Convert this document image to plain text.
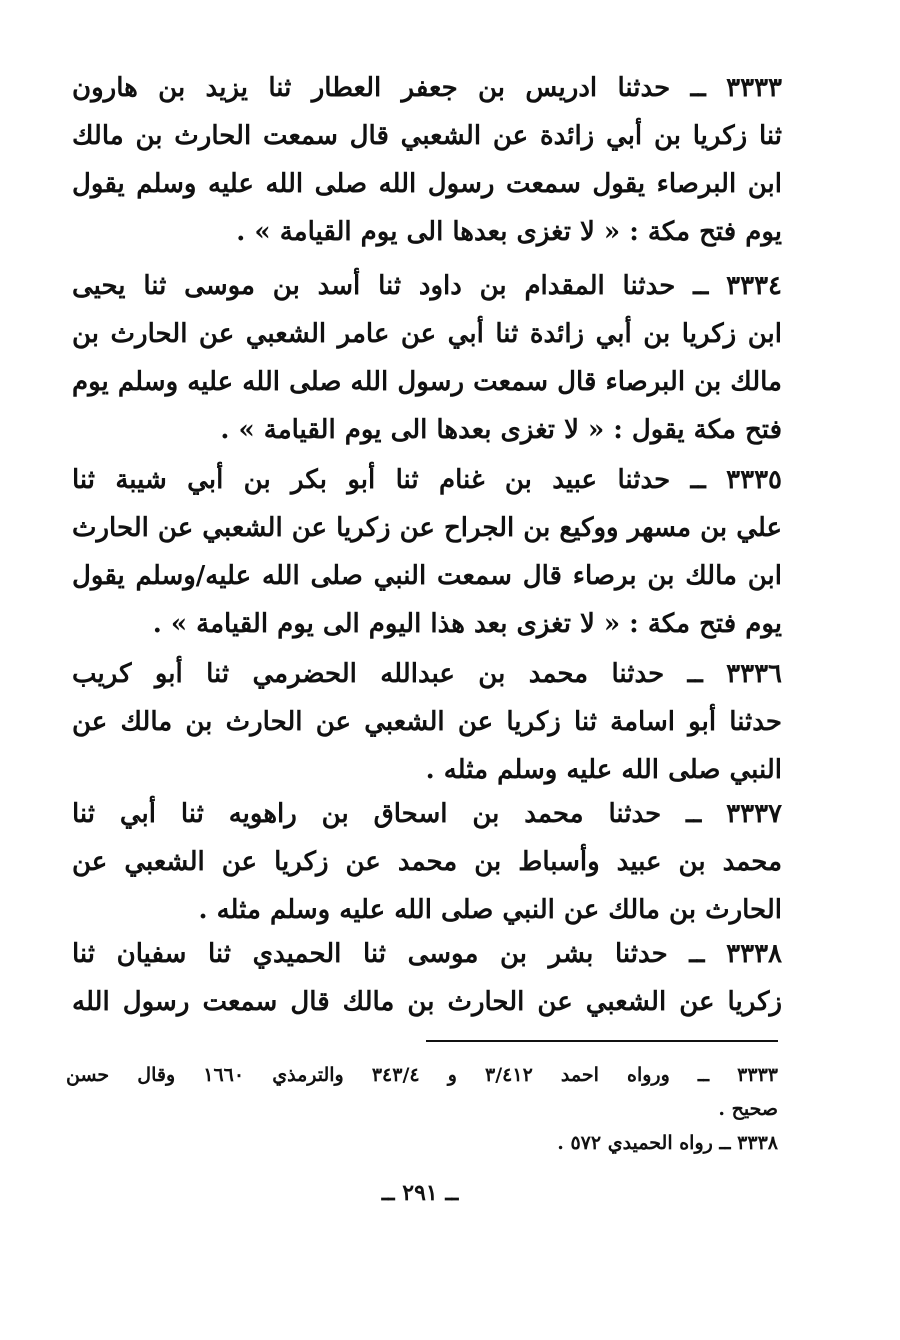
٣٣٣٣ ــ حدثنا ادريس بن جعفر العطار ثنا يزيد بن هارون
ثنا زكريا بن أبي زائدة عن الشعبي قال سمعت الحارث بن مالك
ابن البرصاء يقول سمعت رسول الله صلى الله عليه وسلم يقول
يوم فتح مكة : « لا تغزى بعدها الى يوم القيامة » .
٣٣٣٤ ــ حدثنا المقدام بن داود ثنا أسد بن موسى ثنا يحيى
ابن زكريا بن أبي زائدة ثنا أبي عن عامر الشعبي عن الحارث بن
مالك بن البرصاء قال سمعت رسول الله صلى الله عليه وسلم يوم
فتح مكة يقول : « لا تغزى بعدها الى يوم القيامة » .
٣٣٣٥ ــ حدثنا عبيد بن غنام ثنا أبو بكر بن أبي شيبة ثنا
علي بن مسهر ووكيع بن الجراح عن زكريا عن الشعبي عن الحارث
ابن مالك بن برصاء قال سمعت النبي صلى الله عليه/وسلم يقول
يوم فتح مكة : « لا تغزى بعد هذا اليوم الى يوم القيامة » .
٣٣٣٦ ــ حدثنا محمد بن عبدالله الحضرمي ثنا أبو كريب
حدثنا أبو اسامة ثنا زكريا عن الشعبي عن الحارث بن مالك عن
النبي صلى الله عليه وسلم مثله .
٣٣٣٧ ــ حدثنا محمد بن اسحاق بن راهويه ثنا أبي ثنا
محمد بن عبيد وأسباط بن محمد عن زكريا عن الشعبي عن
الحارث بن مالك عن النبي صلى الله عليه وسلم مثله .
٣٣٣٨ ــ حدثنا بشر بن موسى ثنا الحميدي ثنا سفيان ثنا
زكريا عن الشعبي عن الحارث بن مالك قال سمعت رسول الله
٣٣٣٣ ــ ورواه احمد ٣/٤١٢ و ٣٤٣/٤ والترمذي ١٦٦٠ وقال حسن
صحيح .
٣٣٣٨ ــ رواه الحميدي ٥٧٢ .
ــ ٢٩١ ــ
